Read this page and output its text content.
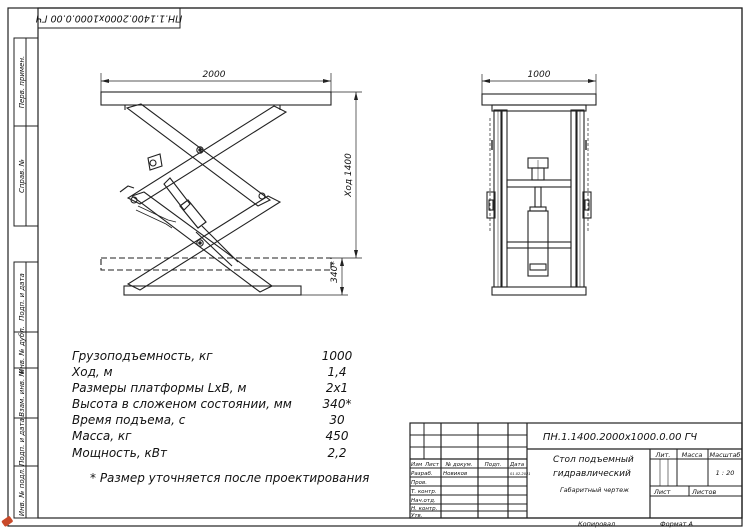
ПН.1.1400.2000х1000.0.00 ГЧ
Перв. примен.
Справ. №
Подп. и дата
Инв. № дубл.
Взам. инв. №
Подп. и дата
Инв. № подл.
2000
Ход 1400
340*
1000
ПН.1.1400.2000х1000.0.00 ГЧ
Стол подъемный
гидравлический
Габаритный чертеж
Изм Лист № докум. Подп. Дата
Разраб. Новиков	01.02.2021
Пров.
Т. контр.
Нач.отд.
Н. контр.
Утв.
Лит. Масса Масштаб
1 : 20
Лист	Листов
Копировал	Формат А
Грузоподъемность, кг	1000
Ход, м	1,4
Размеры платформы LxB, м	2x1
Высота в сложеном состоянии, мм	340*
Время подъема, с	30
Масса, кг	450
Мощность, кВт	2,2
* Размер уточняется после проектирования
